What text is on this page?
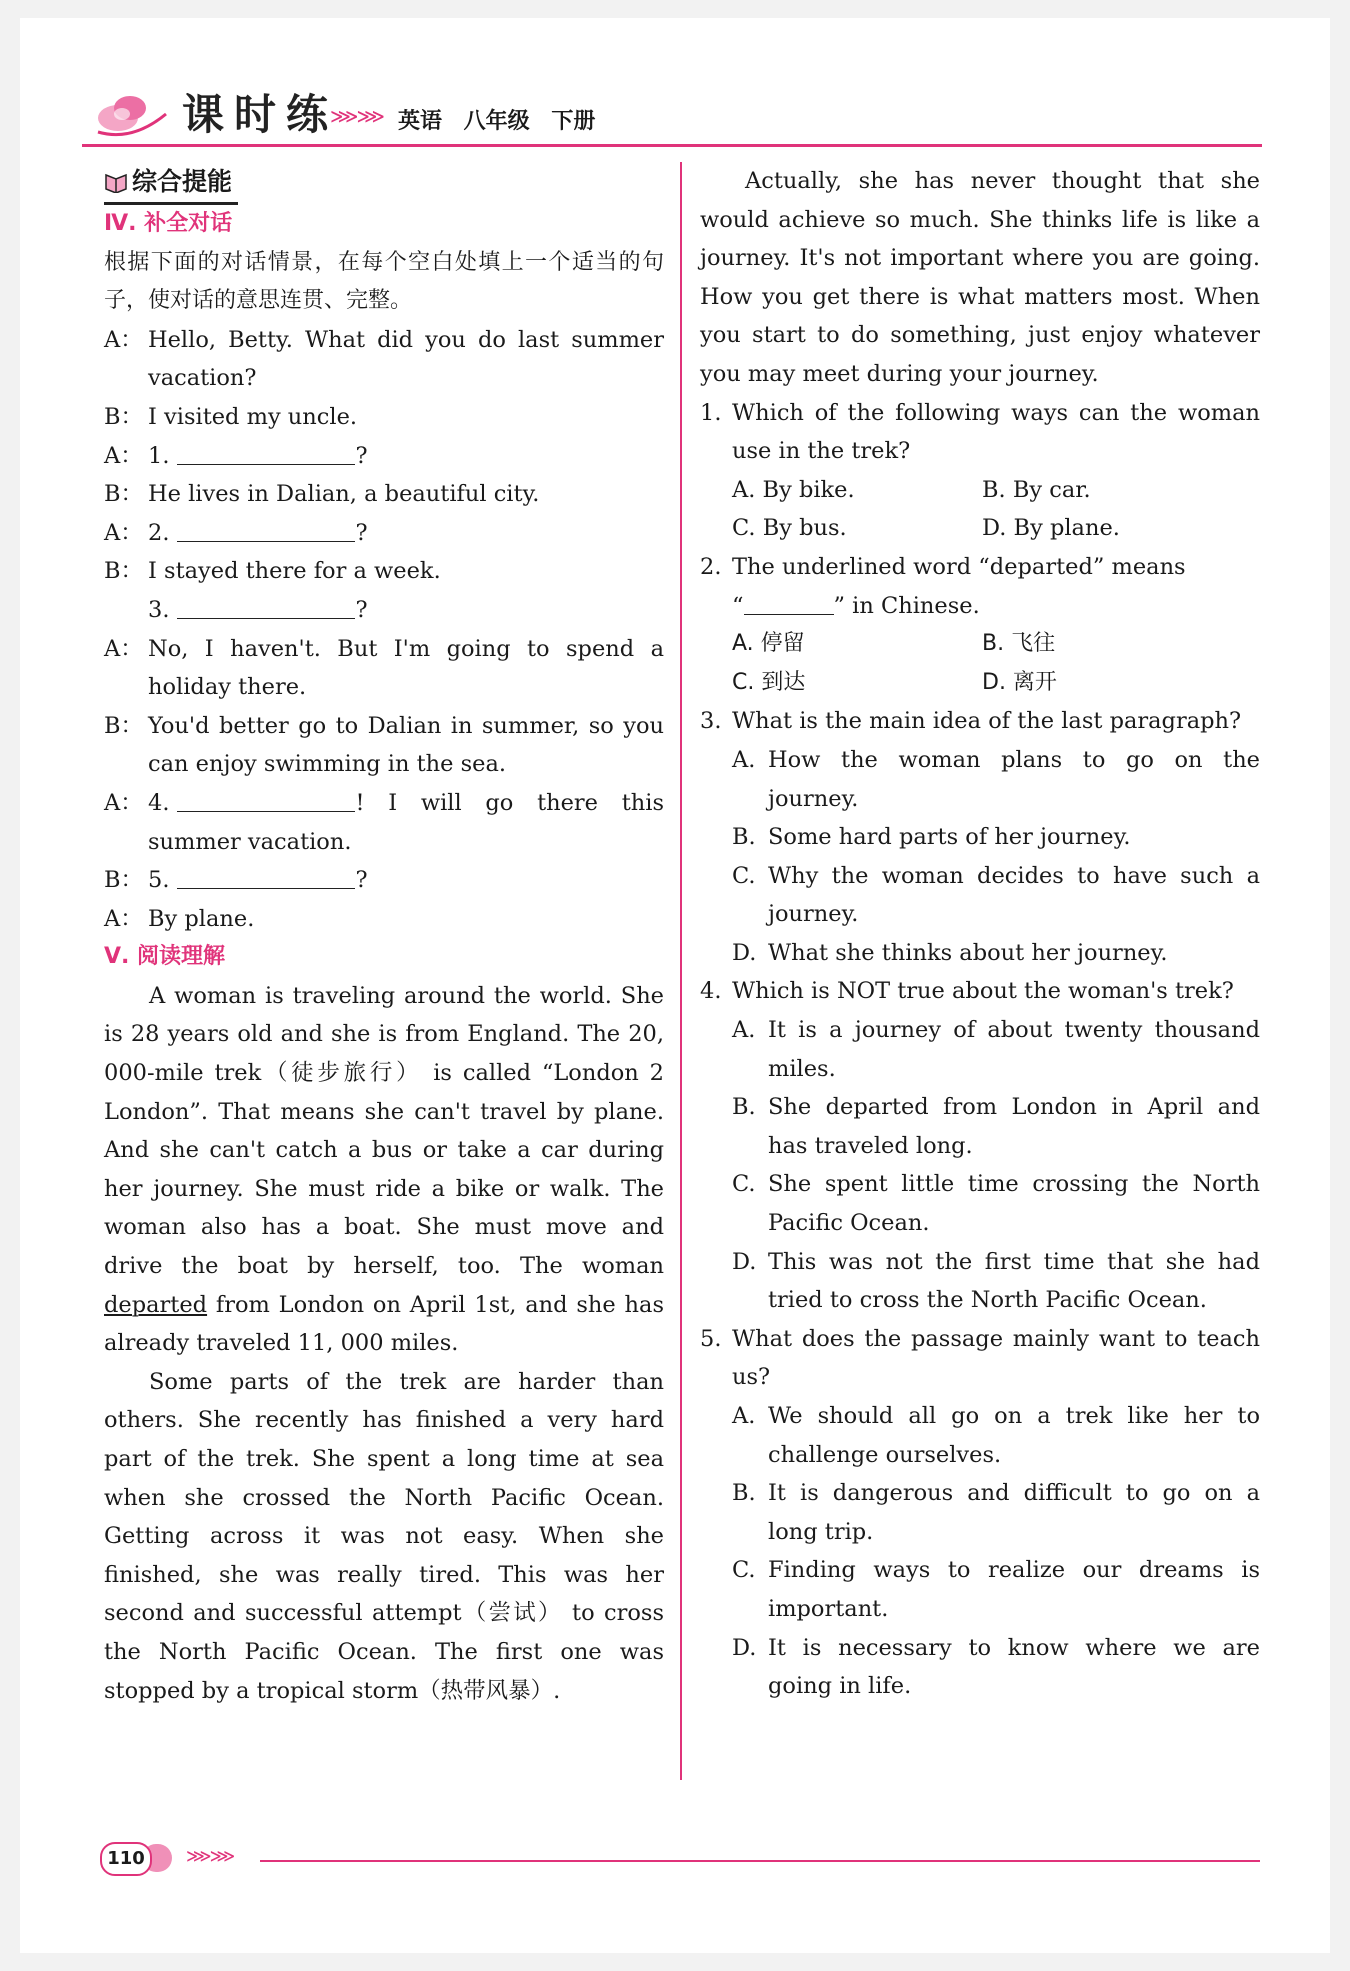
课时练
⋙⋙ 英语 八年级 下册
综合提能
Ⅳ. 补全对话
根据下面的对话情景，在每个空白处填上一个适当的句子，使对话的意思连贯、完整。
A： Hello, Betty. What did you do last summer vacation?
B： I visited my uncle.
A： 1.	?
B： He lives in Dalian, a beautiful city.
A： 2.	?
B： I stayed there for a week.
3.	?
A： No, I haven't. But I'm going to spend a holiday there.
B： You'd better go to Dalian in summer, so you can enjoy swimming in the sea.
A： 4.	! I will go there this summer vacation.
B： 5.	?
A： By plane.
Ⅴ. 阅读理解
A woman is traveling around the world. She is 28 years old and she is from England. The 20, 000-mile trek（徒步旅行） is called “London 2 London”. That means she can't travel by plane. And she can't catch a bus or take a car during her journey. She must ride a bike or walk. The woman also has a boat. She must move and drive the boat by herself, too. The woman departed from London on April 1st, and she has already traveled 11, 000 miles.
Some parts of the trek are harder than others. She recently has finished a very hard part of the trek. She spent a long time at sea when she crossed the North Pacific Ocean. Getting across it was not easy. When she finished, she was really tired. This was her second and successful attempt（尝试） to cross the North Pacific Ocean. The first one was stopped by a tropical storm（热带风暴）.
Actually, she has never thought that she would achieve so much. She thinks life is like a journey. It's not important where you are going. How you get there is what matters most. When you start to do something, just enjoy whatever you may meet during your journey.
1. Which of the following ways can the woman use in the trek?
A. By bike.	B. By car.
C. By bus.	D. By plane.
2. The underlined word “departed” means
“	” in Chinese.
A. 停留	B. 飞往
C. 到达	D. 离开
3. What is the main idea of the last paragraph?
A. How the woman plans to go on the journey.
B. Some hard parts of her journey.
C. Why the woman decides to have such a journey.
D. What she thinks about her journey.
4. Which is NOT true about the woman's trek?
A. It is a journey of about twenty thousand miles.
B. She departed from London in April and has traveled long.
C. She spent little time crossing the North Pacific Ocean.
D. This was not the first time that she had tried to cross the North Pacific Ocean.
5. What does the passage mainly want to teach us?
A. We should all go on a trek like her to challenge ourselves.
B. It is dangerous and difficult to go on a long trip.
C. Finding ways to realize our dreams is important.
D. It is necessary to know where we are going in life.
110	⋙⋙
